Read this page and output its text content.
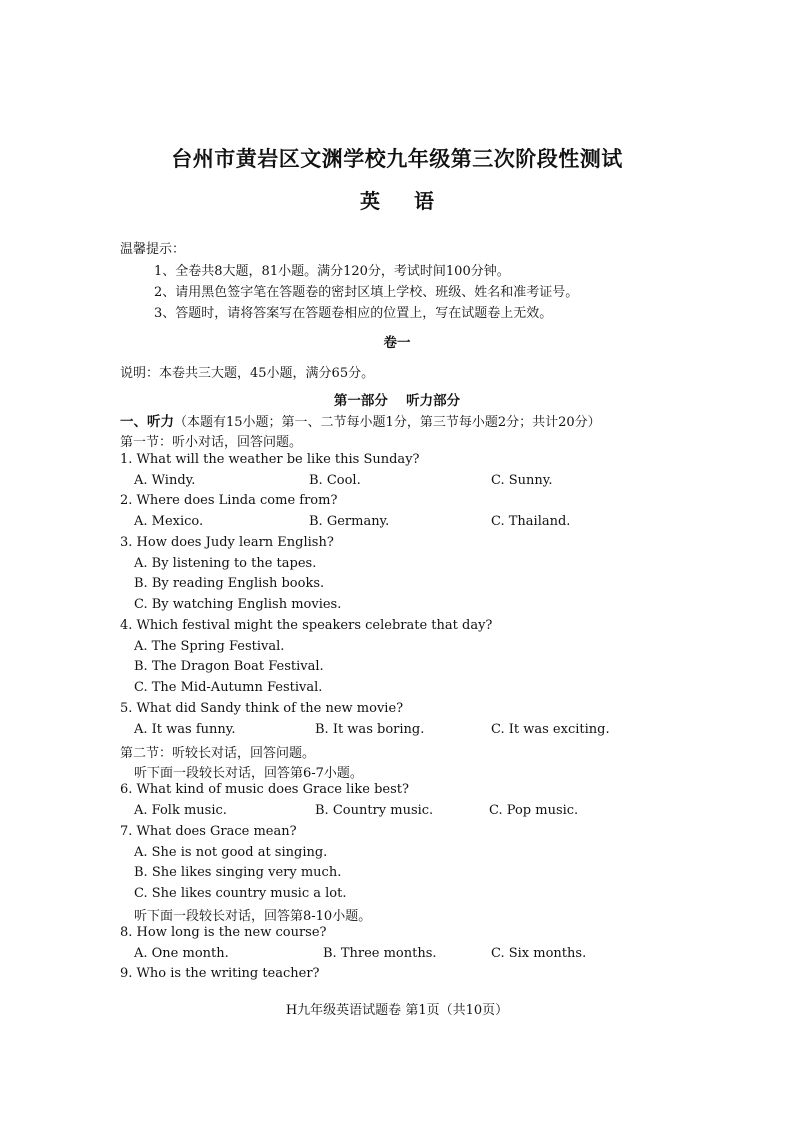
台州市黄岩区文渊学校九年级第三次阶段性测试
英 语
温馨提示：
1、全卷共8大题，81小题。满分120分，考试时间100分钟。
2、请用黑色签字笔在答题卷的密封区填上学校、班级、姓名和准考证号。
3、答题时，请将答案写在答题卷相应的位置上，写在试题卷上无效。
卷一
说明：本卷共三大题，45小题，满分65分。
第一部分　 听力部分
一、听力（本题有15小题；第一、二节每小题1分，第三节每小题2分；共计20分）
第一节：听小对话，回答问题。
1. What will the weather be like this Sunday?
A. Windy.	B. Cool.	C. Sunny.
2. Where does Linda come from?
A. Mexico.	B. Germany.	C. Thailand.
3. How does Judy learn English?
A. By listening to the tapes.
B. By reading English books.
C. By watching English movies.
4. Which festival might the speakers celebrate that day?
A. The Spring Festival.
B. The Dragon Boat Festival.
C. The Mid-Autumn Festival.
5. What did Sandy think of the new movie?
A. It was funny.	B. It was boring.	C. It was exciting.
第二节：听较长对话，回答问题。
听下面一段较长对话，回答第6-7小题。
6. What kind of music does Grace like best?
A. Folk music.	B. Country music.	C. Pop music.
7. What does Grace mean?
A. She is not good at singing.
B. She likes singing very much.
C. She likes country music a lot.
听下面一段较长对话，回答第8-10小题。
8. How long is the new course?
A. One month.	B. Three months.	C. Six months.
9. Who is the writing teacher?
H九年级英语试题卷 第1页（共10页）
